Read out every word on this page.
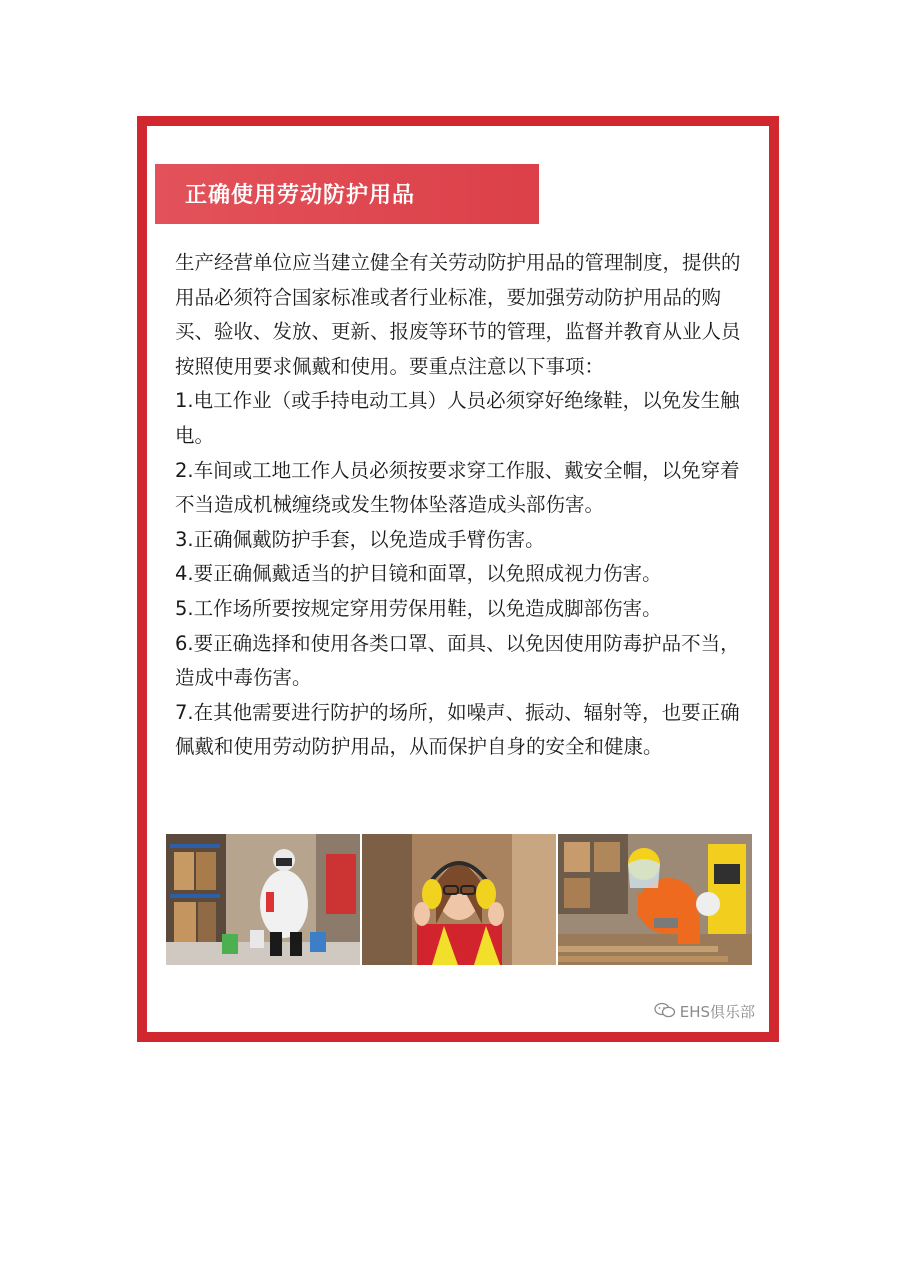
正确使用劳动防护用品

生产经营单位应当建立健全有关劳动防护用品的管理制度，提供的用品必须符合国家标准或者行业标准，要加强劳动防护用品的购买、验收、发放、更新、报废等环节的管理，监督并教育从业人员按照使用要求佩戴和使用。要重点注意以下事项：

1.电工作业（或手持电动工具）人员必须穿好绝缘鞋，以免发生触电。

2.车间或工地工作人员必须按要求穿工作服、戴安全帽，以免穿着不当造成机械缠绕或发生物体坠落造成头部伤害。

3.正确佩戴防护手套，以免造成手臂伤害。

4.要正确佩戴适当的护目镜和面罩，以免照成视力伤害。

5.工作场所要按规定穿用劳保用鞋，以免造成脚部伤害。

6.要正确选择和使用各类口罩、面具、以免因使用防毒护品不当，造成中毒伤害。

7.在其他需要进行防护的场所，如噪声、振动、辐射等，也要正确佩戴和使用劳动防护用品，从而保护自身的安全和健康。

EHS俱乐部
